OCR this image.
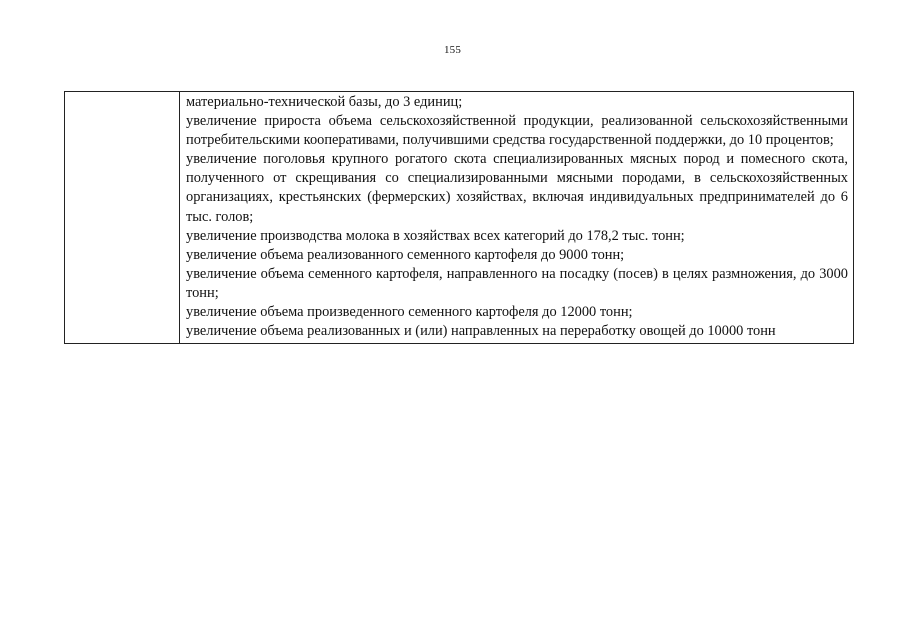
155

материально-технической базы, до 3 единиц;

увеличение прироста объема сельскохозяйственной продукции, реализованной сельскохозяйственными потребительскими кооперативами, получившими средства государственной поддержки, до 10 процентов;

увеличение поголовья крупного рогатого скота специализированных мясных пород и помесного скота, полученного от скрещивания со специализированными мясными породами, в сельскохозяйственных организациях, крестьянских (фермерских) хозяйствах, включая индивидуальных предпринимателей до 6 тыс. голов;

увеличение производства молока в хозяйствах всех категорий до 178,2 тыс. тонн;

увеличение объема реализованного семенного картофеля до 9000 тонн;

увеличение объема семенного картофеля, направленного на посадку (посев) в целях размножения, до 3000 тонн;

увеличение объема произведенного семенного картофеля до 12000 тонн;

увеличение объема реализованных и (или) направленных на переработку овощей до 10000 тонн
